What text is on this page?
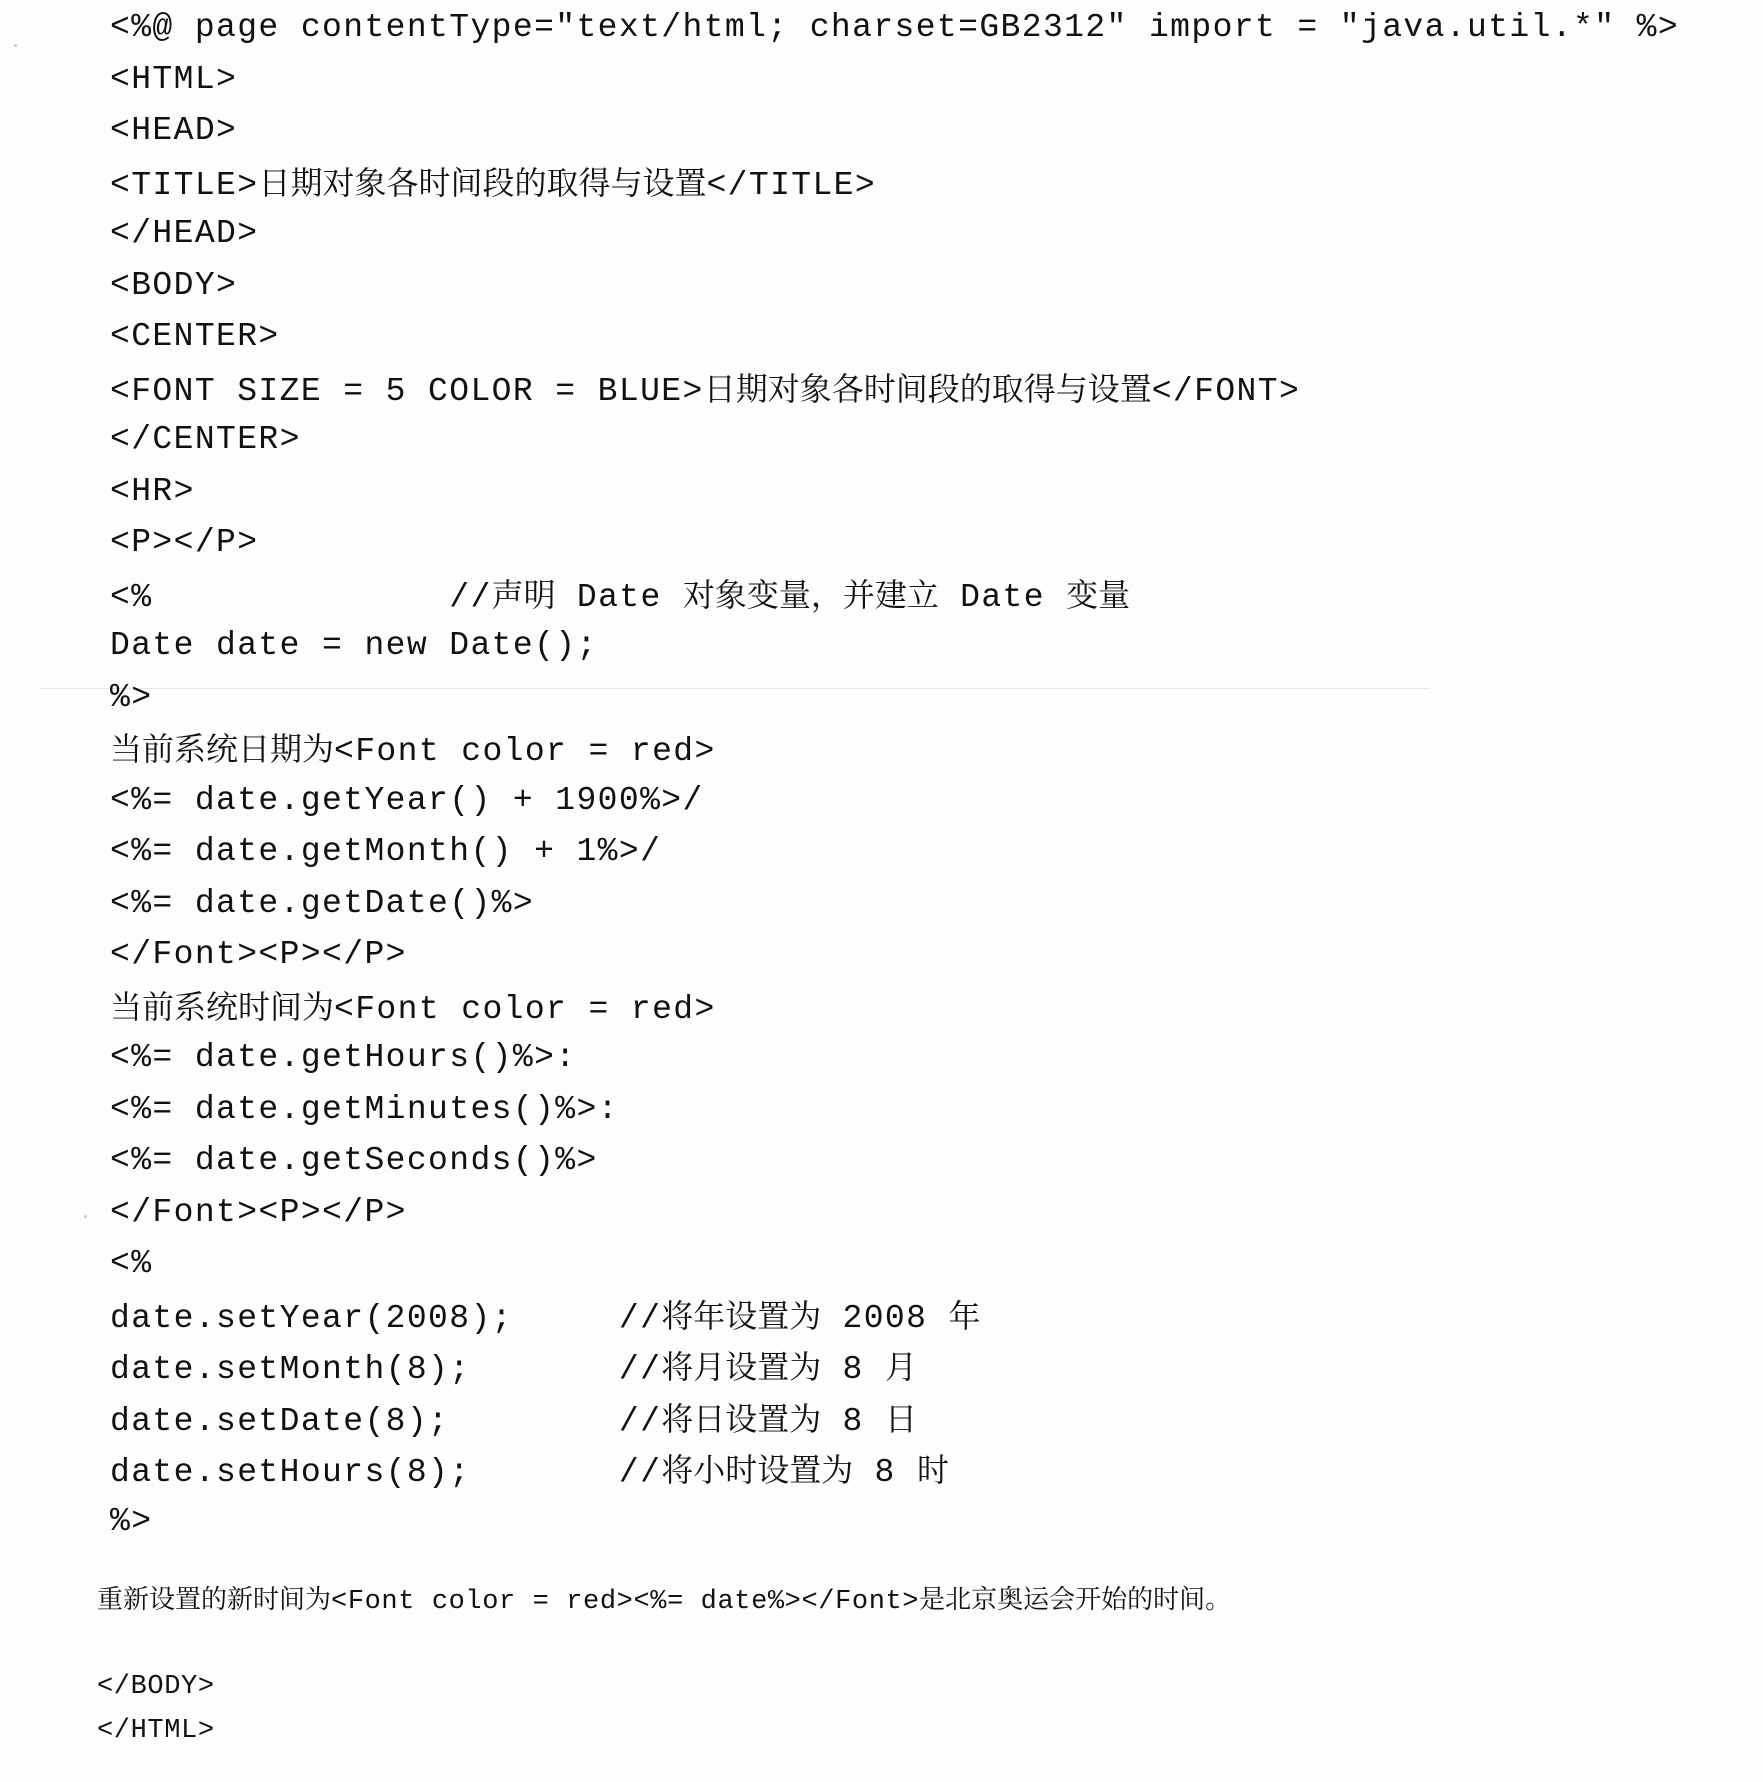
<%@ page contentType="text/html; charset=GB2312" import = "java.util.*" %>

<HTML>

<HEAD>

<TITLE>日期对象各时间段的取得与设置</TITLE>

</HEAD>

<BODY>

<CENTER>

<FONT SIZE = 5 COLOR = BLUE>日期对象各时间段的取得与设置</FONT>

</CENTER>

<HR>

<P></P>

<%              //声明 Date 对象变量，并建立 Date 变量

Date date = new Date();

%>

当前系统日期为<Font color = red>

<%= date.getYear() + 1900%>/

<%= date.getMonth() + 1%>/

<%= date.getDate()%>

</Font><P></P>

当前系统时间为<Font color = red>

<%= date.getHours()%>:

<%= date.getMinutes()%>:

<%= date.getSeconds()%>

</Font><P></P>

<%

date.setYear(2008);     //将年设置为 2008 年

date.setMonth(8);       //将月设置为 8 月

date.setDate(8);        //将日设置为 8 日

date.setHours(8);       //将小时设置为 8 时

%>

重新设置的新时间为<Font color = red><%= date%></Font>是北京奥运会开始的时间。

</BODY>

</HTML>
